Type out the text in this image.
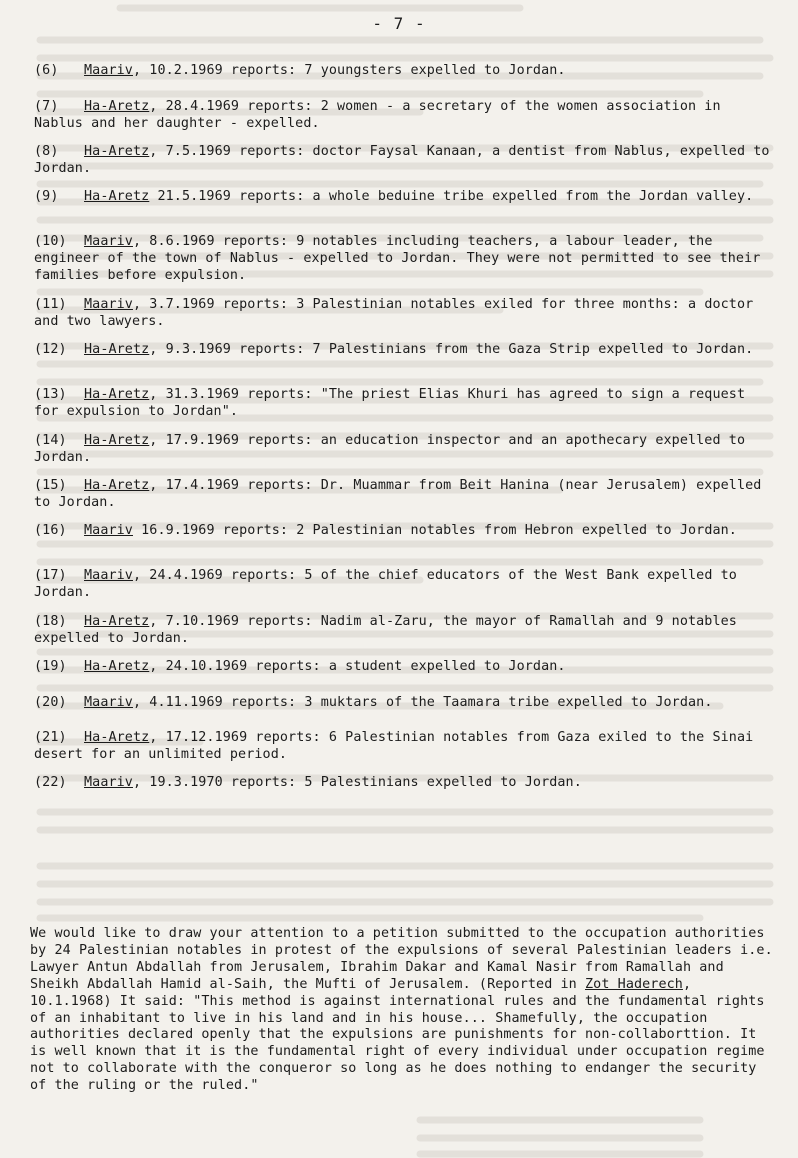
- 7 -
(6) Maariv, 10.2.1969 reports: 7 youngsters expelled to Jordan.
(7) Ha-Aretz, 28.4.1969 reports: 2 women - a secretary of the women association in Nablus and her daughter - expelled.
(8) Ha-Aretz, 7.5.1969 reports: doctor Faysal Kanaan, a dentist from Nablus, expelled to Jordan.
(9) Ha-Aretz 21.5.1969 reports: a whole beduine tribe expelled from the Jordan valley.
(10) Maariv, 8.6.1969 reports: 9 notables including teachers, a labour leader, the engineer of the town of Nablus - expelled to Jordan. They were not permitted to see their families before expulsion.
(11) Maariv, 3.7.1969 reports: 3 Palestinian notables exiled for three months: a doctor and two lawyers.
(12) Ha-Aretz, 9.3.1969 reports: 7 Palestinians from the Gaza Strip expelled to Jordan.
(13) Ha-Aretz, 31.3.1969 reports: "The priest Elias Khuri has agreed to sign a request for expulsion to Jordan".
(14) Ha-Aretz, 17.9.1969 reports: an education inspector and an apothecary expelled to Jordan.
(15) Ha-Aretz, 17.4.1969 reports: Dr. Muammar from Beit Hanina (near Jerusalem) expelled to Jordan.
(16) Maariv 16.9.1969 reports: 2 Palestinian notables from Hebron expelled to Jordan.
(17) Maariv, 24.4.1969 reports: 5 of the chief educators of the West Bank expelled to Jordan.
(18) Ha-Aretz, 7.10.1969 reports: Nadim al-Zaru, the mayor of Ramallah and 9 notables expelled to Jordan.
(19) Ha-Aretz, 24.10.1969 reports: a student expelled to Jordan.
(20) Maariv, 4.11.1969 reports: 3 muktars of the Taamara tribe expelled to Jordan.
(21) Ha-Aretz, 17.12.1969 reports: 6 Palestinian notables from Gaza exiled to the Sinai desert for an unlimited period.
(22) Maariv, 19.3.1970 reports: 5 Palestinians expelled to Jordan.
We would like to draw your attention to a petition submitted to the occupation authorities by 24 Palestinian notables in protest of the expulsions of several Palestinian leaders i.e. Lawyer Antun Abdallah from Jerusalem, Ibrahim Dakar and Kamal Nasir from Ramallah and Sheikh Abdallah Hamid al-Saih, the Mufti of Jerusalem. (Reported in Zot Haderech, 10.1.1968) It said: "This method is against international rules and the fundamental rights of an inhabitant to live in his land and in his house... Shamefully, the occupation authorities declared openly that the expulsions are punishments for non-collaborttion. It is well known that it is the fundamental right of every individual under occupation regime not to collaborate with the conqueror so long as he does nothing to endanger the security of the ruling or the ruled."
